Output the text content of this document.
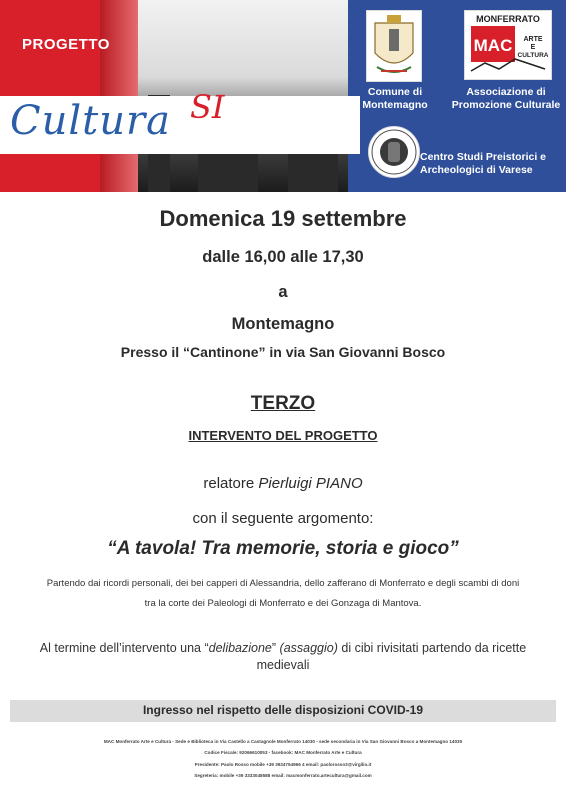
PROGETTO
Cultura SI
MONFERRATO
MAC ARTE
E
CULTURA
Comune di Montemagno
Associazione di Promozione Culturale
Centro Studi Preistorici e Archeologici di Varese
Domenica 19 settembre
dalle 16,00 alle 17,30
a
Montemagno
Presso il “Cantinone” in via San Giovanni Bosco
TERZO
INTERVENTO DEL PROGETTO
relatore Pierluigi PIANO
con il seguente argomento:
“A tavola! Tra memorie, storia e gioco”
Partendo dai ricordi personali, dei bei capperi di Alessandria, dello zafferano di Monferrato e degli scambi di doni
tra la corte dei Paleologi di Monferrato e dei Gonzaga di Mantova.
Al termine dell’intervento una “delibazione” (assaggio) di cibi rivisitati partendo da ricette medievali
Ingresso nel rispetto delle disposizioni COVID-19
MAC Monferrato Arte e Cultura - Sede e Biblioteca in Via Castello a Castagnole Monferrato 14030 - sede secondaria in Via San Giovanni Bosco a Montemagno 14030
Codice Fiscale: 92066610053 - facebook: MAC Monferrato Arte e Cultura
Presidente: Paolo Rosso mobile +39 3934754966 4 email: paolorosso3@virgilio.it
Segreteria: mobile +39 3333048588 email: macmonferrato.artecultura@gmail.com
